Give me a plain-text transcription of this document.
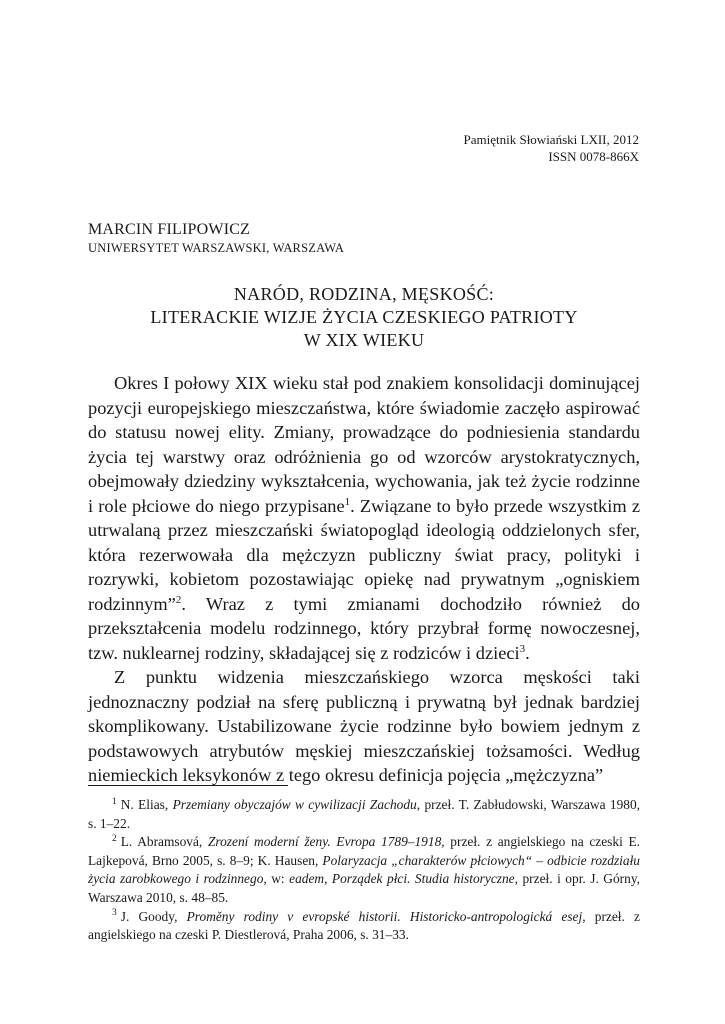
Pamiętnik Słowiański LXII, 2012
ISSN 0078-866X
MARCIN FILIPOWICZ
UNIWERSYTET WARSZAWSKI, WARSZAWA
NARÓD, RODZINA, MĘSKOŚĆ:
LITERACKIE WIZJE ŻYCIA CZESKIEGO PATRIOTY
W XIX WIEKU

Okres I połowy XIX wieku stał pod znakiem konsolidacji dominującej pozycji europejskiego mieszczaństwa, które świadomie zaczęło aspirować do statusu nowej elity. Zmiany, prowadzące do podniesienia standardu życia tej warstwy oraz odróżnienia go od wzorców arystokratycznych, obejmowały dziedziny wykształcenia, wychowania, jak też życie rodzinne i role płciowe do niego przypisane$^1$. Związane to było przede wszystkim z utrwalaną przez mieszczański światopogląd ideologią oddzielonych sfer, która rezerwowała dla mężczyzn publiczny świat pracy, polityki i rozrywki, kobietom pozostawiając opiekę nad prywatnym „ogniskiem rodzinnym”$^2$. Wraz z tymi zmianami dochodziło również do przekształcenia modelu rodzinnego, który przybrał formę nowoczesnej, tzw. nuklearnej rodziny, składającej się z rodziców i dzieci$^3$.

Z punktu widzenia mieszczańskiego wzorca męskości taki jednoznaczny podział na sferę publiczną i prywatną był jednak bardziej skomplikowany. Ustabilizowane życie rodzinne było bowiem jednym z podstawowych atrybutów męskiej mieszczańskiej tożsamości. Według niemieckich leksykonów z tego okresu definicja pojęcia „mężczyzna”

$^1$ N. Elias, Przemiany obyczajów w cywilizacji Zachodu, przeł. T. Zabłudowski, Warszawa 1980, s. 1–22.

$^2$ L. Abramsová, Zrození moderní ženy. Evropa 1789–1918, przeł. z angielskiego na czeski E. Lajkepová, Brno 2005, s. 8–9; K. Hausen, Polaryzacja „charakterów płciowych“ – odbicie rozdziału życia zarobkowego i rodzinnego, w: eadem, Porządek płci. Studia historyczne, przeł. i opr. J. Górny, Warszawa 2010, s. 48–85.

$^3$ J. Goody, Proměny rodiny v evropské historii. Historicko-antropologická esej, przeł. z angielskiego na czeski P. Diestlerová, Praha 2006, s. 31–33.
